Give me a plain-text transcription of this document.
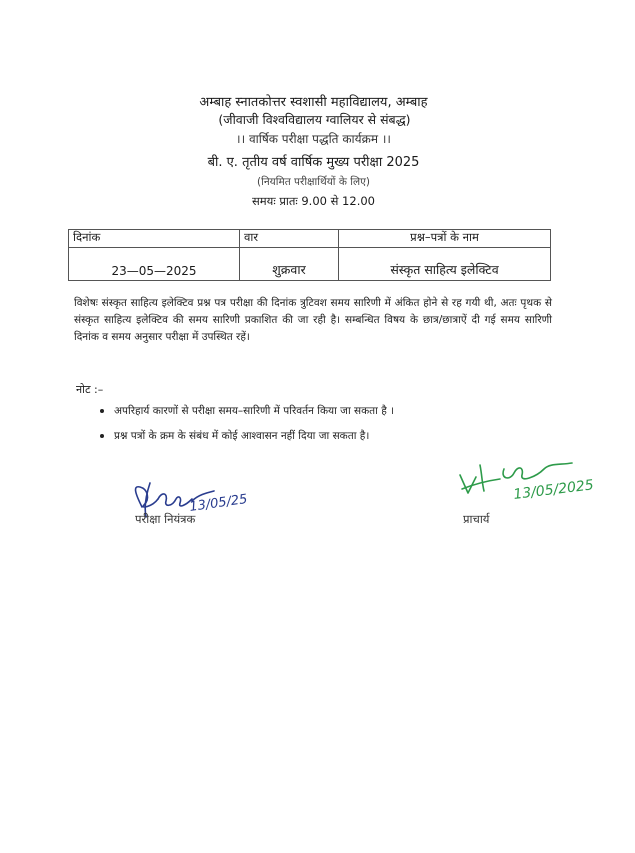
अम्बाह स्नातकोत्तर स्वशासी महाविद्यालय, अम्बाह
(जीवाजी विश्वविद्यालय ग्वालियर से संबद्ध)
।। वार्षिक परीक्षा पद्धति कार्यक्रम ।।
बी. ए. तृतीय वर्ष वार्षिक मुख्य परीक्षा 2025
(नियमित परीक्षार्थियों के लिए)
समयः प्रातः 9.00 से 12.00
दिनांक	वार	प्रश्न–पत्रों के नाम
23—05—2025	शुक्रवार	संस्कृत साहित्य इलेक्टिव
विशेषः संस्कृत साहित्य इलेक्टिव प्रश्न पत्र परीक्षा की दिनांक त्रुटिवश समय सारिणी में अंकित होने से रह गयी थी, अतः पृथक से संस्कृत साहित्य इलेक्टिव की समय सारिणी प्रकाशित की जा रही है। सम्बन्धित विषय के छात्र/छात्राऐं दी गई समय सारिणी दिनांक व समय अनुसार परीक्षा में उपस्थित रहें।
नोट :–
• अपरिहार्य कारणों से परीक्षा समय–सारिणी में परिवर्तन किया जा सकता है ।
• प्रश्न पत्रों के क्रम के संबंध में कोई आश्वासन नहीं दिया जा सकता है।
13/05/25
13/05/2025
परीक्षा नियंत्रक	प्राचार्य
